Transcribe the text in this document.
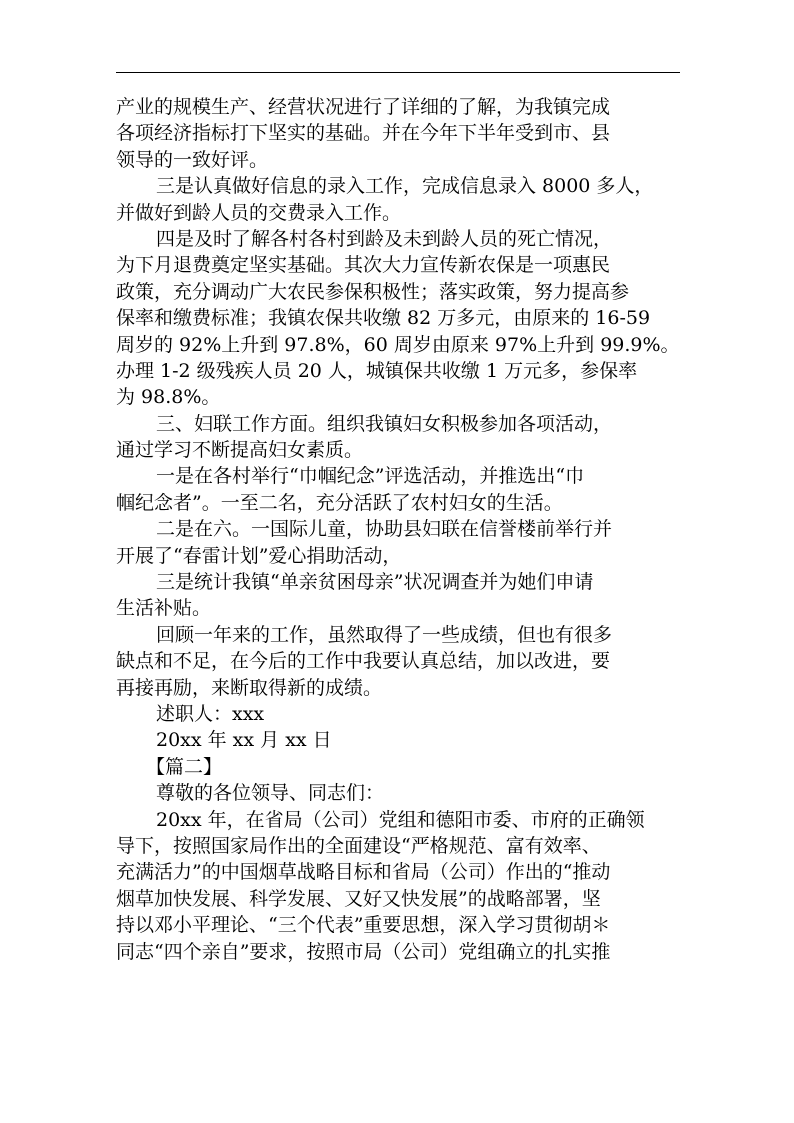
产业的规模生产、经营状况进行了详细的了解，为我镇完成
各项经济指标打下坚实的基础。并在今年下半年受到市、县
领导的一致好评。
三是认真做好信息的录入工作，完成信息录入 8000 多人，
并做好到龄人员的交费录入工作。
四是及时了解各村各村到龄及未到龄人员的死亡情况，
为下月退费奠定坚实基础。其次大力宣传新农保是一项惠民
政策，充分调动广大农民参保积极性；落实政策，努力提高参
保率和缴费标准；我镇农保共收缴 82 万多元，由原来的 16-59
周岁的 92%上升到 97.8%，60 周岁由原来 97%上升到 99.9%。
办理 1-2 级残疾人员 20 人，城镇保共收缴 1 万元多，参保率
为 98.8%。
三、妇联工作方面。组织我镇妇女积极参加各项活动，
通过学习不断提高妇女素质。
一是在各村举行“巾帼纪念”评选活动，并推选出“巾
帼纪念者”。一至二名，充分活跃了农村妇女的生活。
二是在六。一国际儿童，协助县妇联在信誉楼前举行并
开展了“春雷计划”爱心捐助活动，
三是统计我镇“单亲贫困母亲”状况调查并为她们申请
生活补贴。
回顾一年来的工作，虽然取得了一些成绩，但也有很多
缺点和不足，在今后的工作中我要认真总结，加以改进，要
再接再励，来断取得新的成绩。
述职人：xxx
20xx 年 xx 月 xx 日
【篇二】
尊敬的各位领导、同志们：
20xx 年，在省局（公司）党组和德阳市委、市府的正确领
导下，按照国家局作出的全面建设“严格规范、富有效率、
充满活力”的中国烟草战略目标和省局（公司）作出的“推动
烟草加快发展、科学发展、又好又快发展”的战略部署，坚
持以邓小平理论、“三个代表”重要思想，深入学习贯彻胡＊
同志“四个亲自”要求，按照市局（公司）党组确立的扎实推
